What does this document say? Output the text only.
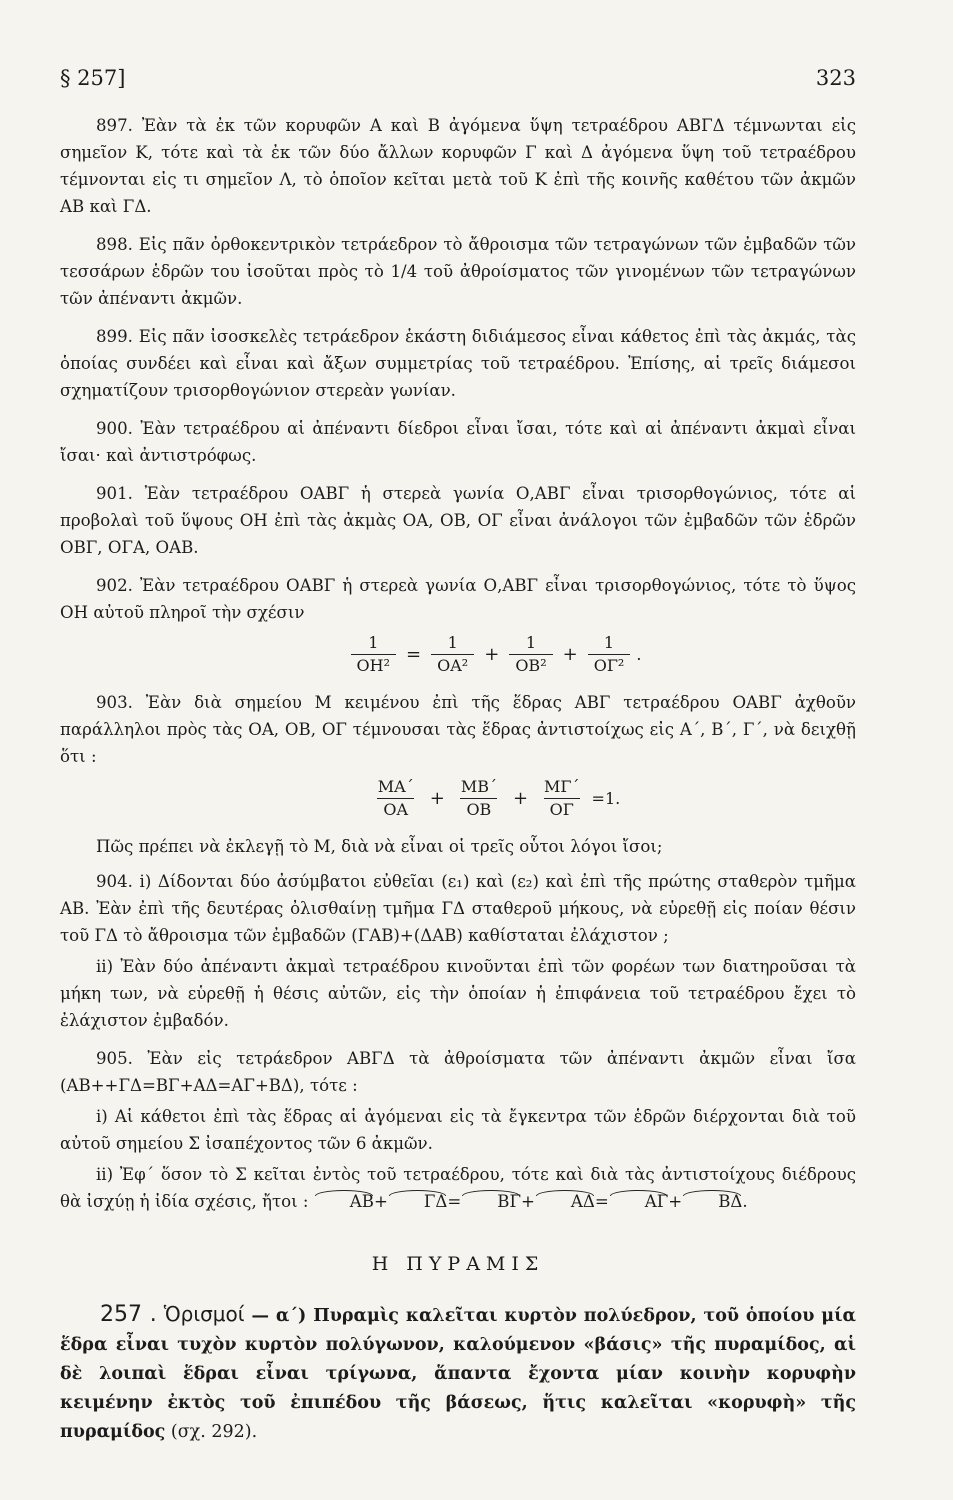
§ 257]	323

897. Ἐὰν τὰ ἐκ τῶν κορυφῶν Α καὶ Β ἀγόμενα ὕψη τετραέδρου ΑΒΓΔ τέμνωνται εἰς σημεῖον Κ, τότε καὶ τὰ ἐκ τῶν δύο ἄλλων κορυφῶν Γ καὶ Δ ἀγόμενα ὕψη τοῦ τετραέδρου τέμνονται εἰς τι σημεῖον Λ, τὸ ὁποῖον κεῖται μετὰ τοῦ Κ ἐπὶ τῆς κοινῆς καθέτου τῶν ἀκμῶν ΑΒ καὶ ΓΔ.

898. Εἰς πᾶν ὀρθοκεντρικὸν τετράεδρον τὸ ἄθροισμα τῶν τετραγώνων τῶν ἐμβαδῶν τῶν τεσσάρων ἑδρῶν του ἰσοῦται πρὸς τὸ 1/4 τοῦ ἀθροίσματος τῶν γινομένων τῶν τετραγώνων τῶν ἀπέναντι ἀκμῶν.

899. Εἰς πᾶν ἰσοσκελὲς τετράεδρον ἑκάστη διδιάμεσος εἶναι κάθετος ἐπὶ τὰς ἀκμάς, τὰς ὁποίας συνδέει καὶ εἶναι καὶ ἄξων συμμετρίας τοῦ τετραέδρου. Ἐπίσης, αἱ τρεῖς διάμεσοι σχηματίζουν τρισορθογώνιον στερεὰν γωνίαν.

900. Ἐὰν τετραέδρου αἱ ἀπέναντι δίεδροι εἶναι ἴσαι, τότε καὶ αἱ ἀπέναντι ἀκμαὶ εἶναι ἴσαι· καὶ ἀντιστρόφως.

901. Ἐὰν τετραέδρου ΟΑΒΓ ἡ στερεὰ γωνία Ο,ΑΒΓ εἶναι τρισορθογώνιος, τότε αἱ προβολαὶ τοῦ ὕψους ΟΗ ἐπὶ τὰς ἀκμὰς ΟΑ, ΟΒ, ΟΓ εἶναι ἀνάλογοι τῶν ἐμβαδῶν τῶν ἑδρῶν ΟΒΓ, ΟΓΑ, ΟΑΒ.

902. Ἐὰν τετραέδρου ΟΑΒΓ ἡ στερεὰ γωνία Ο,ΑΒΓ εἶναι τρισορθογώνιος, τότε τὸ ὕψος ΟΗ αὐτοῦ πληροῖ τὴν σχέσιν

$\frac{1}{\text{ΟΗ²}} = \frac{1}{\text{ΟΑ²}} + \frac{1}{\text{ΟΒ²}} + \frac{1}{\text{ΟΓ²}}$ .

903. Ἐὰν διὰ σημείου Μ κειμένου ἐπὶ τῆς ἕδρας ΑΒΓ τετραέδρου ΟΑΒΓ ἀχθοῦν παράλληλοι πρὸς τὰς ΟΑ, ΟΒ, ΟΓ τέμνουσαι τὰς ἕδρας ἀντιστοίχως εἰς Α΄, Β΄, Γ΄, νὰ δειχθῇ ὅτι :

$\frac{MA΄}{OA} + \frac{MB΄}{OB} + \frac{M\Gamma΄}{O\Gamma} =1$.

Πῶς πρέπει νὰ ἐκλεγῇ τὸ Μ, διὰ νὰ εἶναι οἱ τρεῖς οὗτοι λόγοι ἴσοι;

904. i) Δίδονται δύο ἀσύμβατοι εὐθεῖαι (ε₁) καὶ (ε₂) καὶ ἐπὶ τῆς πρώτης σταθερὸν τμῆμα ΑΒ. Ἐὰν ἐπὶ τῆς δευτέρας ὀλισθαίνῃ τμῆμα ΓΔ σταθεροῦ μήκους, νὰ εὑρεθῇ εἰς ποίαν θέσιν τοῦ ΓΔ τὸ ἄθροισμα τῶν ἐμβαδῶν (ΓΑΒ)+(ΔΑΒ) καθίσταται ἐλάχιστον ;

ii) Ἐὰν δύο ἀπέναντι ἀκμαὶ τετραέδρου κινοῦνται ἐπὶ τῶν φορέων των διατηροῦσαι τὰ μήκη των, νὰ εὑρεθῇ ἡ θέσις αὐτῶν, εἰς τὴν ὁποίαν ἡ ἐπιφάνεια τοῦ τετραέδρου ἔχει τὸ ἐλάχιστον ἐμβαδόν.

905. Ἐὰν εἰς τετράεδρον ΑΒΓΔ τὰ ἀθροίσματα τῶν ἀπέναντι ἀκμῶν εἶναι ἴσα (ΑΒ++ΓΔ=ΒΓ+ΑΔ=ΑΓ+ΒΔ), τότε :

i) Αἱ κάθετοι ἐπὶ τὰς ἕδρας αἱ ἀγόμεναι εἰς τὰ ἔγκεντρα τῶν ἑδρῶν διέρχονται διὰ τοῦ αὐτοῦ σημείου Σ ἰσαπέχοντος τῶν 6 ἀκμῶν.

ii) Ἐφ΄ ὅσον τὸ Σ κεῖται ἐντὸς τοῦ τετραέδρου, τότε καὶ διὰ τὰς ἀντιστοίχους διέδρους θὰ ἰσχύῃ ἡ ἰδία σχέσις, ἤτοι : ΑΒ+ ΓΔ= ΒΓ+ ΑΔ= ΑΓ+ ΒΔ.

Η ΠΥΡΑΜΙΣ
257 . Ὁρισμοί — α΄) Πυραμὶς καλεῖται κυρτὸν πολύεδρον, τοῦ ὁποίου μία ἕδρα εἶναι τυχὸν κυρτὸν πολύγωνον, καλούμενον «βάσις» τῆς πυραμίδος, αἱ δὲ λοιπαὶ ἕδραι εἶναι τρίγωνα, ἅπαντα ἔχοντα μίαν κοινὴν κορυφὴν κειμένην ἐκτὸς τοῦ ἐπιπέδου τῆς βάσεως, ἥτις καλεῖται «κορυφὴ» τῆς πυραμίδος (σχ. 292).
